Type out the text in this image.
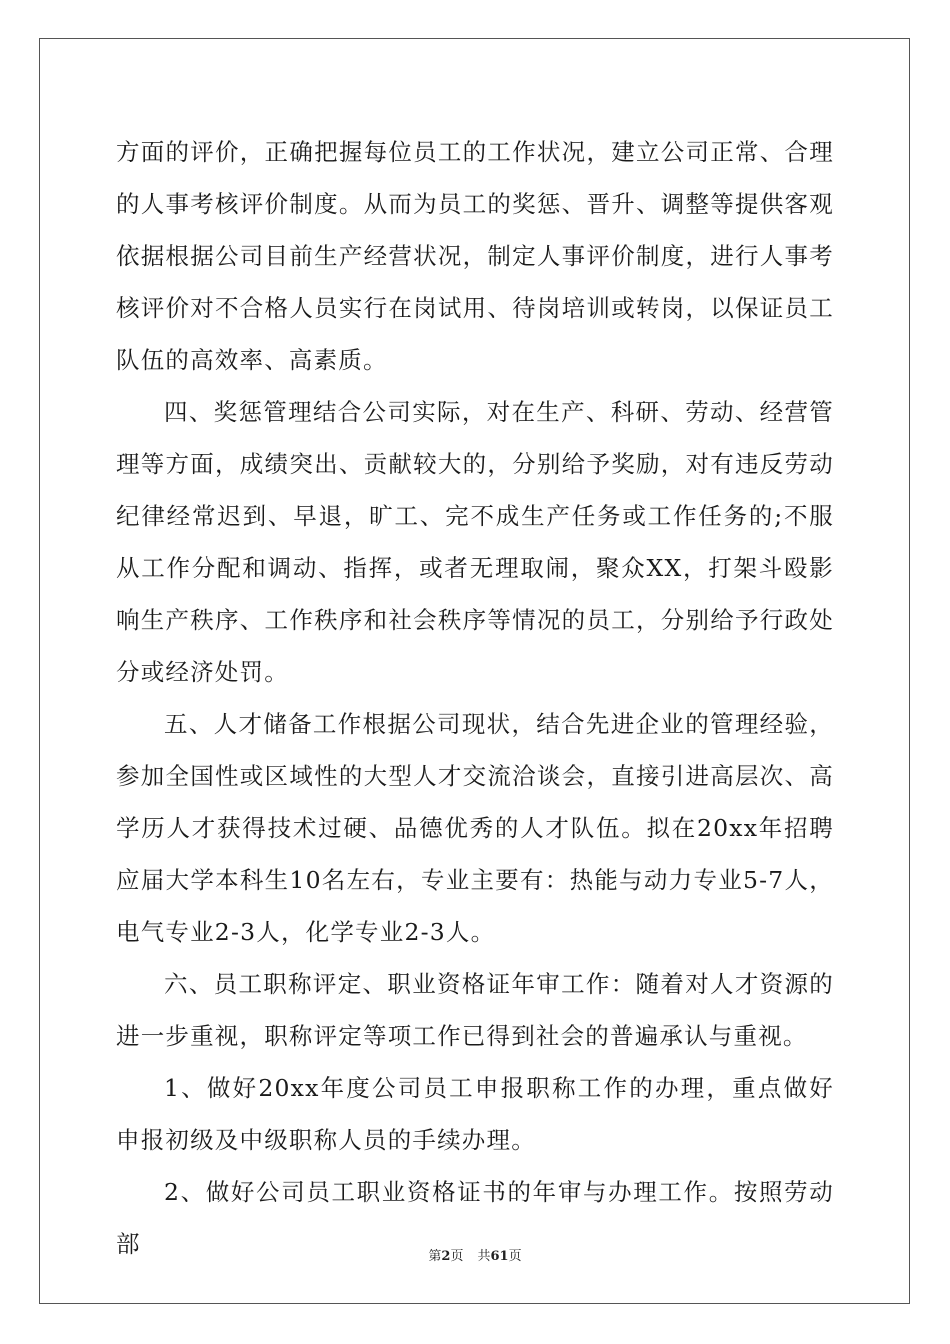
方面的评价，正确把握每位员工的工作状况，建立公司正常、合理的人事考核评价制度。从而为员工的奖惩、晋升、调整等提供客观依据根据公司目前生产经营状况，制定人事评价制度，进行人事考核评价对不合格人员实行在岗试用、待岗培训或转岗，以保证员工队伍的高效率、高素质。

四、奖惩管理结合公司实际，对在生产、科研、劳动、经营管理等方面，成绩突出、贡献较大的，分别给予奖励，对有违反劳动纪律经常迟到、早退，旷工、完不成生产任务或工作任务的;不服从工作分配和调动、指挥，或者无理取闹，聚众XX，打架斗殴影响生产秩序、工作秩序和社会秩序等情况的员工，分别给予行政处分或经济处罚。

五、人才储备工作根据公司现状，结合先进企业的管理经验，参加全国性或区域性的大型人才交流洽谈会，直接引进高层次、高学历人才获得技术过硬、品德优秀的人才队伍。拟在20xx年招聘应届大学本科生10名左右，专业主要有：热能与动力专业5-7人，电气专业2-3人，化学专业2-3人。

六、员工职称评定、职业资格证年审工作：随着对人才资源的进一步重视，职称评定等项工作已得到社会的普遍承认与重视。

1、做好20xx年度公司员工申报职称工作的办理，重点做好申报初级及中级职称人员的手续办理。

2、做好公司员工职业资格证书的年审与办理工作。按照劳动部	第2页 共61页
